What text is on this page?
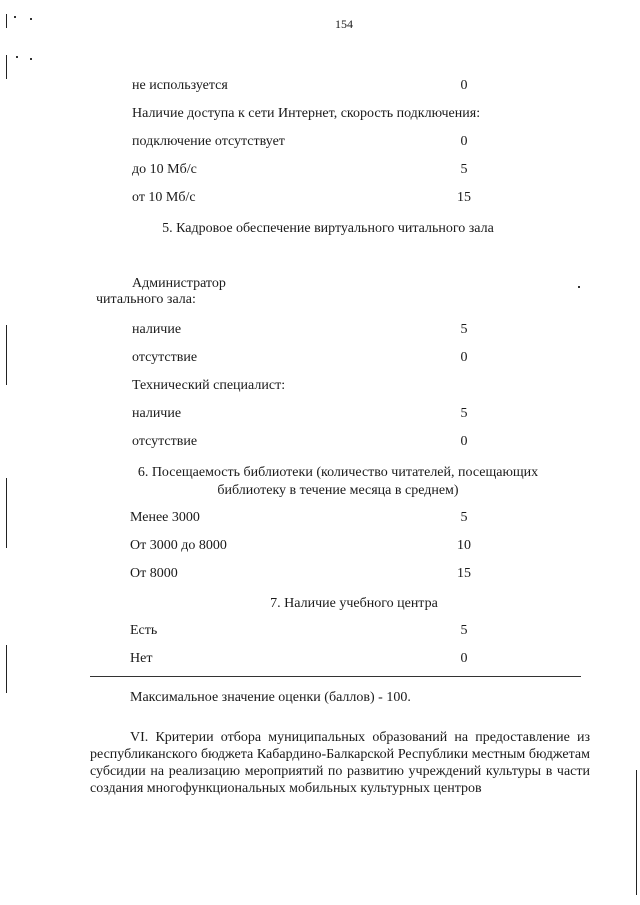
154
не используется	0
Наличие доступа к сети Интернет, скорость подключения:
подключение отсутствует	0
до 10 Мб/с	5
от 10 Мб/с	15
5. Кадровое обеспечение виртуального читального зала
Администратор
читального зала:
наличие	5
отсутствие	0
Технический специалист:
наличие	5
отсутствие	0
6. Посещаемость библиотеки (количество читателей, посещающих
библиотеку в течение месяца в среднем)
Менее 3000	5
От 3000 до 8000	10
От 8000	15
7. Наличие учебного центра
Есть	5
Нет	0
Максимальное значение оценки (баллов) - 100.
VI. Критерии отбора муниципальных образований на предоставление из республиканского бюджета Кабардино-Балкарской Республики местным бюджетам субсидии на реализацию мероприятий по развитию учреждений культуры в части создания многофункциональных мобильных культурных центров
